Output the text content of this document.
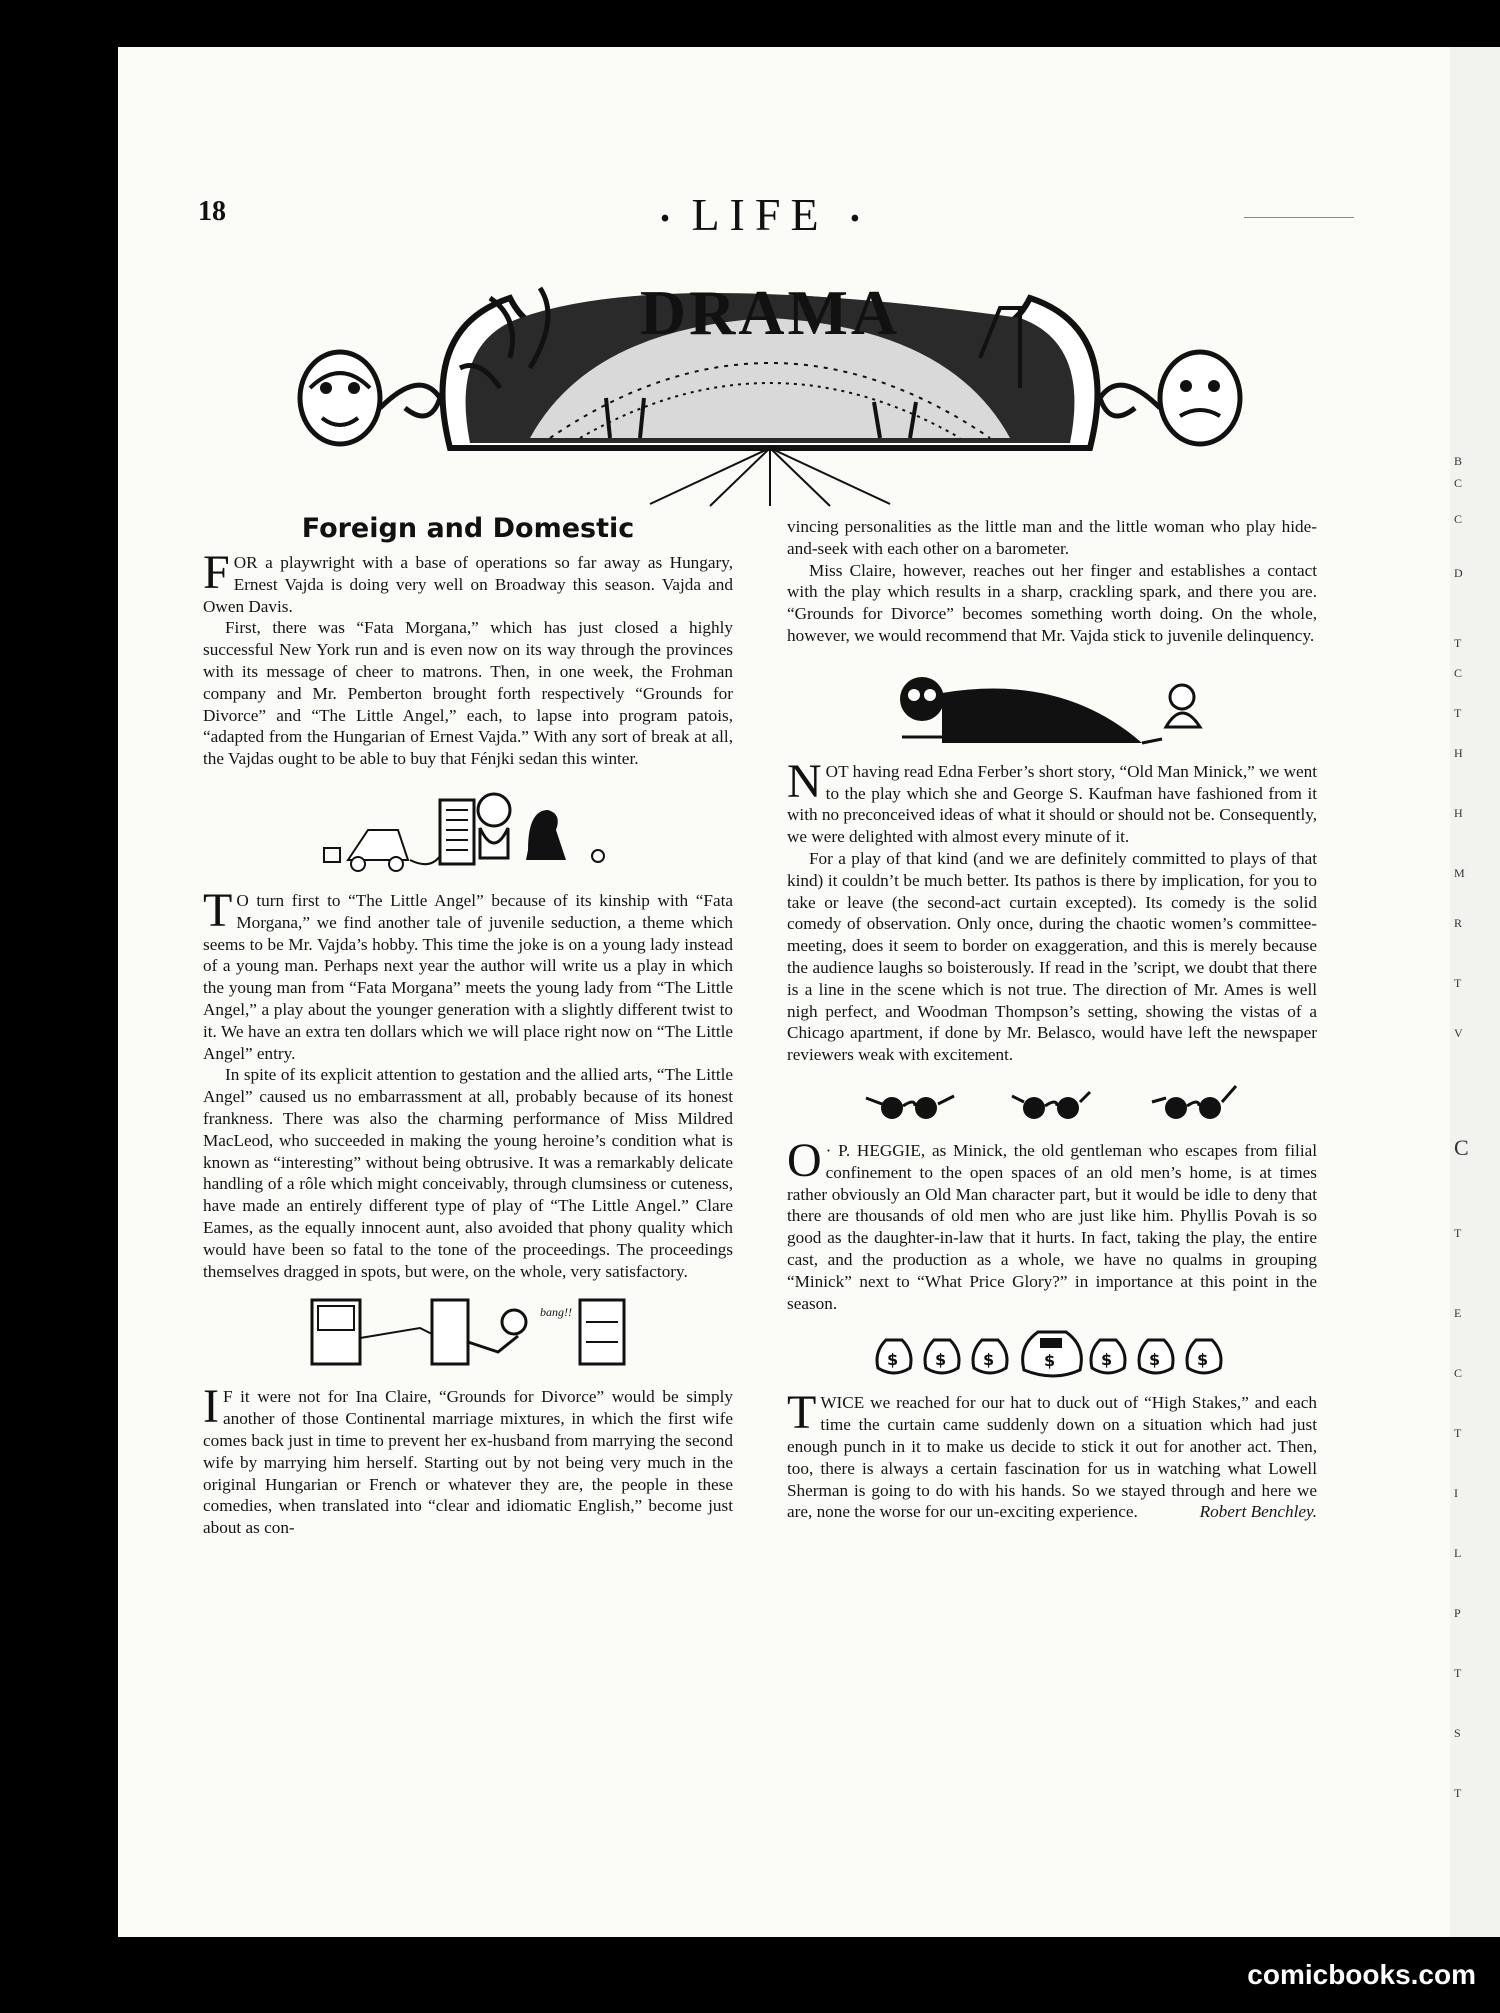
B
C
C
D
T
C
T
H
H
M
R
T
V
C
T
E
C
T
I
L
P
T
S
T
18	• LIFE •
DRAMA
Foreign and Domestic

FOR a playwright with a base of operations so far away as Hungary, Ernest Vajda is doing very well on Broadway this season. Vajda and Owen Davis.

First, there was “Fata Morgana,” which has just closed a highly successful New York run and is even now on its way through the provinces with its message of cheer to matrons. Then, in one week, the Frohman company and Mr. Pemberton brought forth respectively “Grounds for Divorce” and “The Little Angel,” each, to lapse into program patois, “adapted from the Hungarian of Ernest Vajda.” With any sort of break at all, the Vajdas ought to be able to buy that Fénjki sedan this winter.

T O turn first to “The Little Angel” because of its kinship with “Fata Morgana,” we find another tale of juvenile seduction, a theme which seems to be Mr. Vajda’s hobby. This time the joke is on a young lady instead of a young man. Perhaps next year the author will write us a play in which the young man from “Fata Morgana” meets the young lady from “The Little Angel,” a play about the younger generation with a slightly different twist to it. We have an extra ten dollars which we will place right now on “The Little Angel” entry.

In spite of its explicit attention to gestation and the allied arts, “The Little Angel” caused us no embarrassment at all, probably because of its honest frankness. There was also the charming performance of Miss Mildred MacLeod, who succeeded in making the young heroine’s condition what is known as “interesting” without being obtrusive. It was a remarkably delicate handling of a rôle which might conceivably, through clumsiness or cuteness, have made an entirely different type of play of “The Little Angel.” Clare Eames, as the equally innocent aunt, also avoided that phony quality which would have been so fatal to the tone of the proceedings. The proceedings themselves dragged in spots, but were, on the whole, very satisfactory.

bang!!

I F it were not for Ina Claire, “Grounds for Divorce” would be simply another of those Continental marriage mixtures, in which the first wife comes back just in time to prevent her ex-husband from marrying the second wife by marrying him herself. Starting out by not being very much in the original Hungarian or French or whatever they are, the people in these comedies, when translated into “clear and idiomatic English,” become just about as con-

vincing personalities as the little man and the little woman who play hide-and-seek with each other on a barometer.

Miss Claire, however, reaches out her finger and establishes a contact with the play which results in a sharp, crackling spark, and there you are. “Grounds for Divorce” becomes something worth doing. On the whole, however, we would recommend that Mr. Vajda stick to juvenile delinquency.

NOT having read Edna Ferber’s short story, “Old Man Minick,” we went to the play which she and George S. Kaufman have fashioned from it with no preconceived ideas of what it should or should not be. Consequently, we were delighted with almost every minute of it.

For a play of that kind (and we are definitely committed to plays of that kind) it couldn’t be much better. Its pathos is there by implication, for you to take or leave (the second-act curtain excepted). Its comedy is the solid comedy of observation. Only once, during the chaotic women’s committee-meeting, does it seem to border on exaggeration, and this is merely because the audience laughs so boisterously. If read in the ’script, we doubt that there is a line in the scene which is not true. The direction of Mr. Ames is well nigh perfect, and Woodman Thompson’s setting, showing the vistas of a Chicago apartment, if done by Mr. Belasco, would have left the newspaper reviewers weak with excitement.

O · P. HEGGIE, as Minick, the old gentleman who escapes from filial confinement to the open spaces of an old men’s home, is at times rather obviously an Old Man character part, but it would be idle to deny that there are thousands of old men who are just like him. Phyllis Povah is so good as the daughter-in-law that it hurts. In fact, taking the play, the entire cast, and the production as a whole, we have no qualms in grouping “Minick” next to “What Price Glory?” in importance at this point in the season.

$ $ $	$	$ $ $

TWICE we reached for our hat to duck out of “High Stakes,” and each time the curtain came suddenly down on a situation which had just enough punch in it to make us decide to stick it out for another act. Then, too, there is always a certain fascination for us in watching what Lowell Sherman is going to do with his hands. So we stayed through and here we are, none the worse for our un-exciting experience.	Robert Benchley.

comicbooks.com
